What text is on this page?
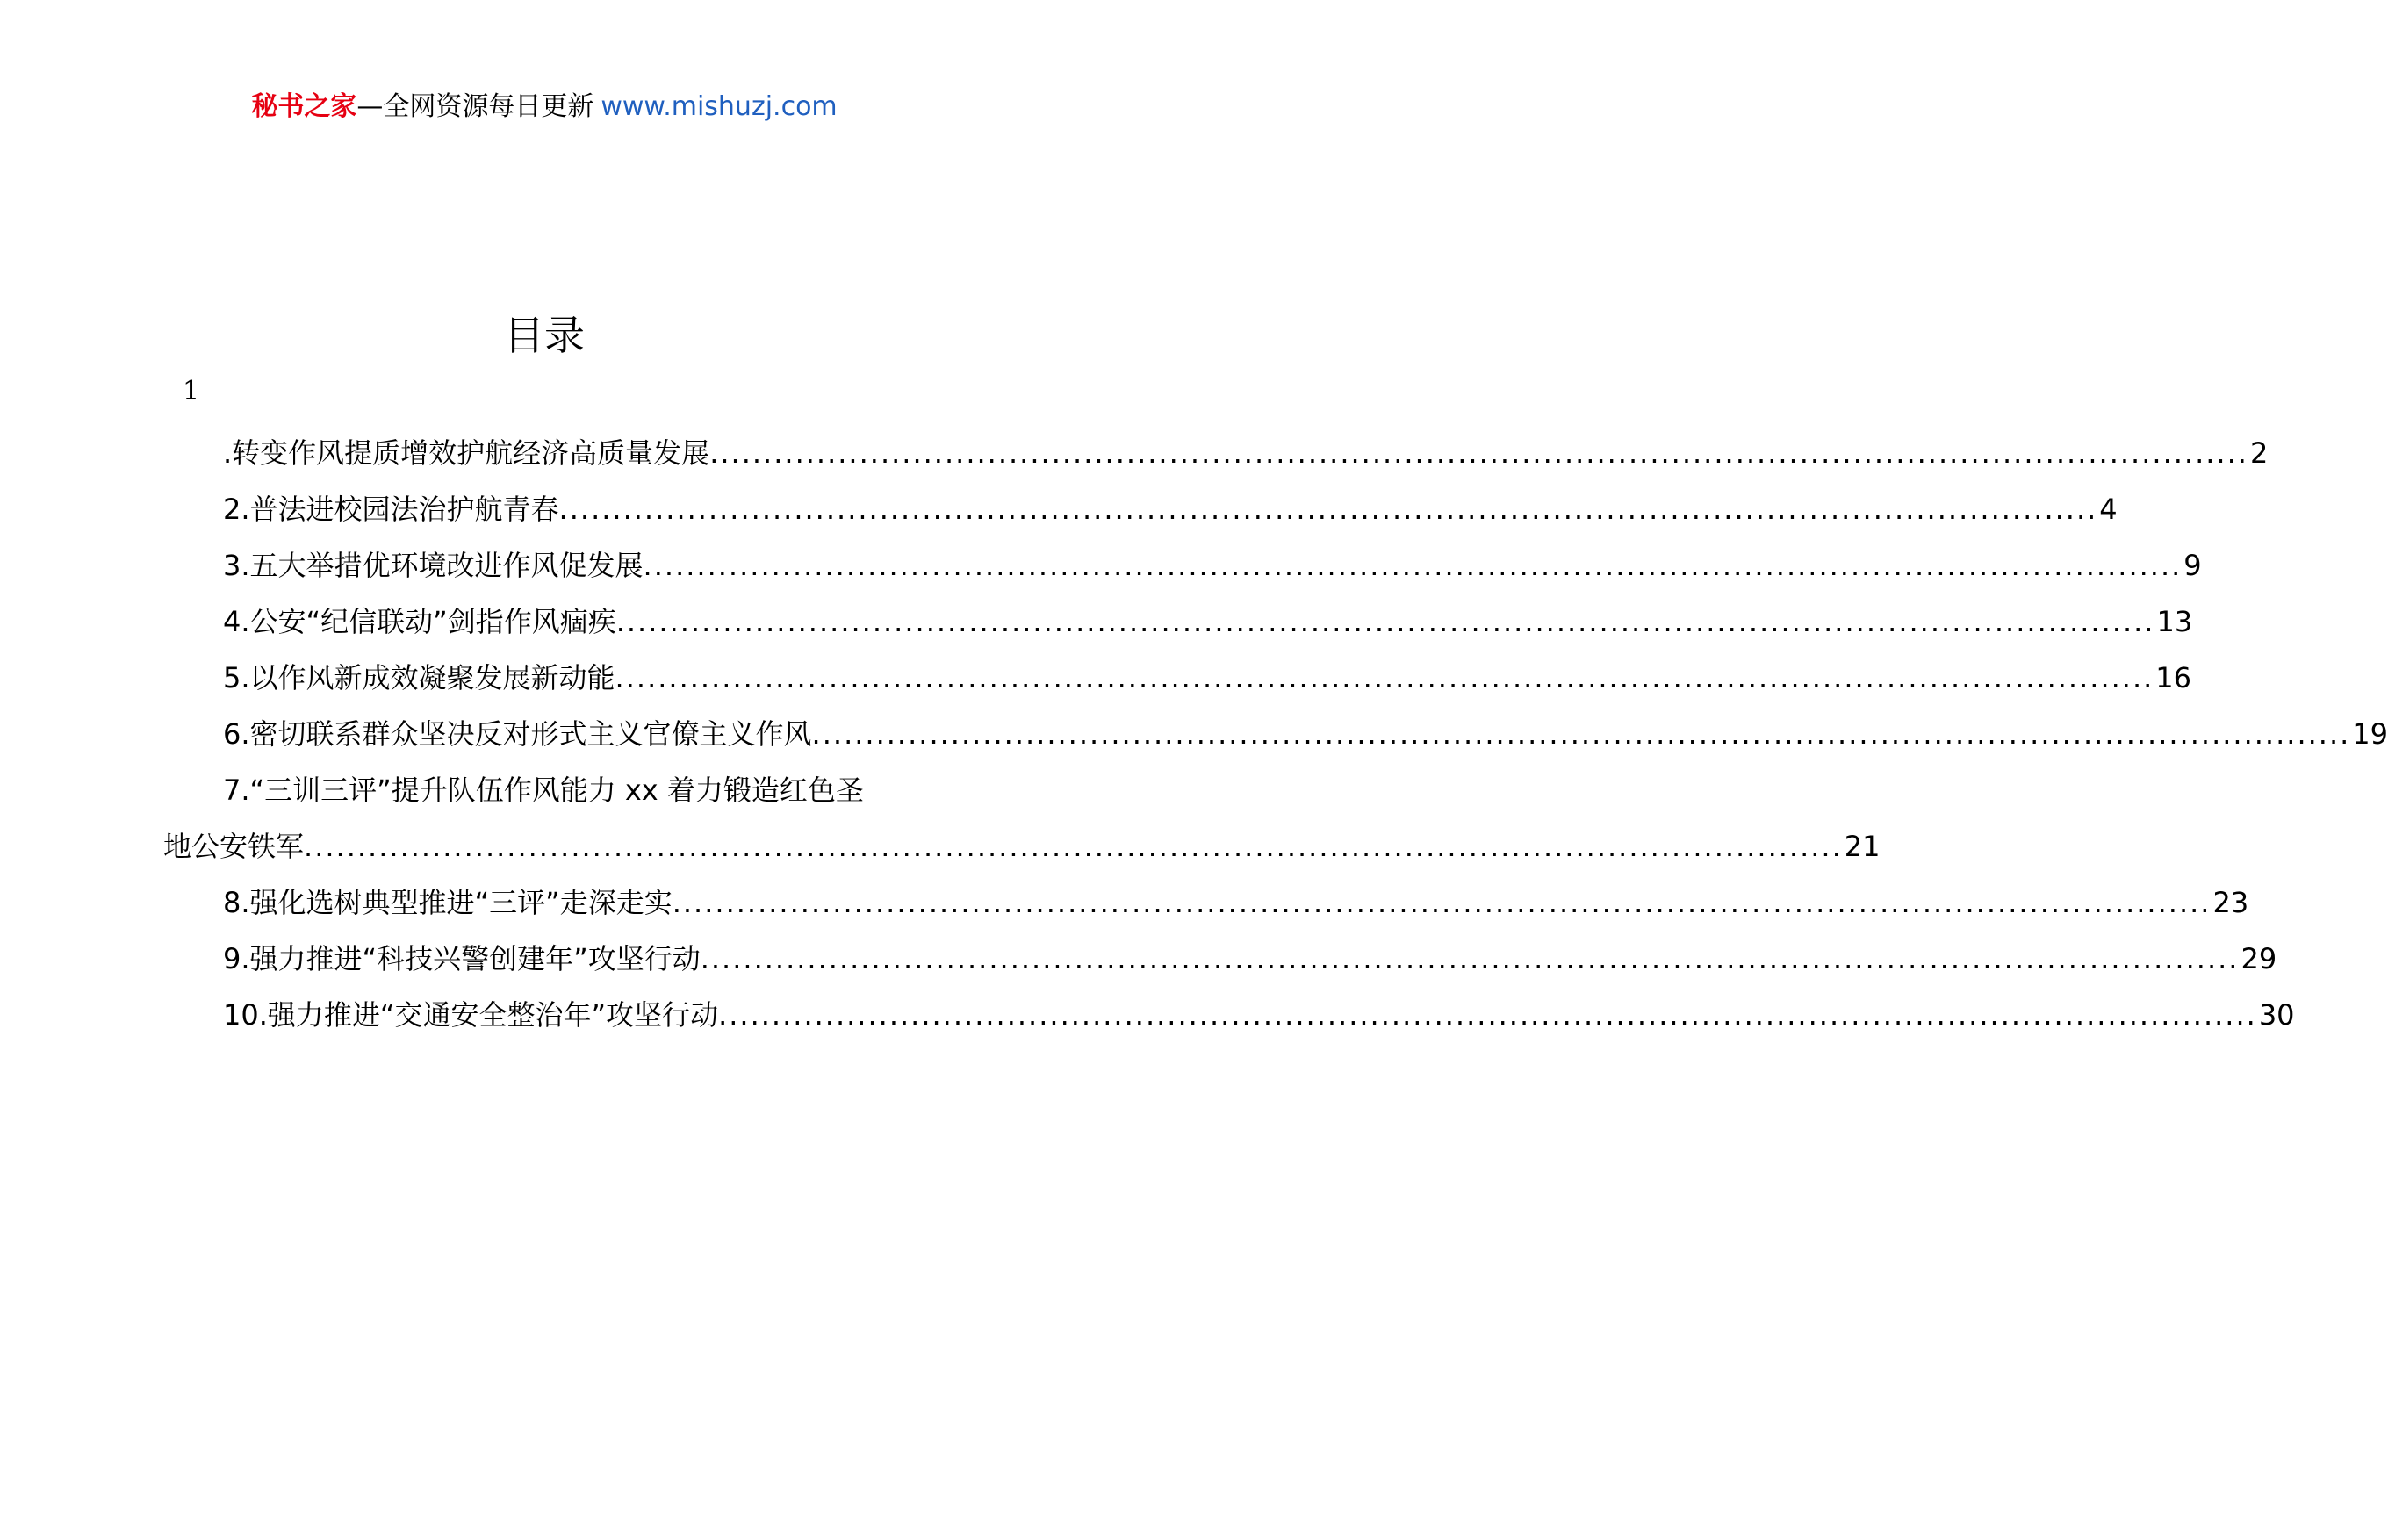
秘书之家—全网资源每日更新 www.mishuzj.com
目录
1
.转变作风提质增效护航经济高质量发展 .....	2
2.普法进校园法治护航青春 .....	4
3.五大举措优环境改进作风促发展 .....	9
4.公安“纪信联动”剑指作风痼疾 .....	13
5.以作风新成效凝聚发展新动能 .....	16
6.密切联系群众坚决反对形式主义官僚主义作风 .....	19
7.“三训三评”提升队伍作风能力 xx 着力锻造红色圣
地公安铁军 .....	21
8.强化选树典型推进“三评”走深走实 .....	23
9.强力推进“科技兴警创建年”攻坚行动 .....	29
10.强力推进“交通安全整治年”攻坚行动 .....	30
